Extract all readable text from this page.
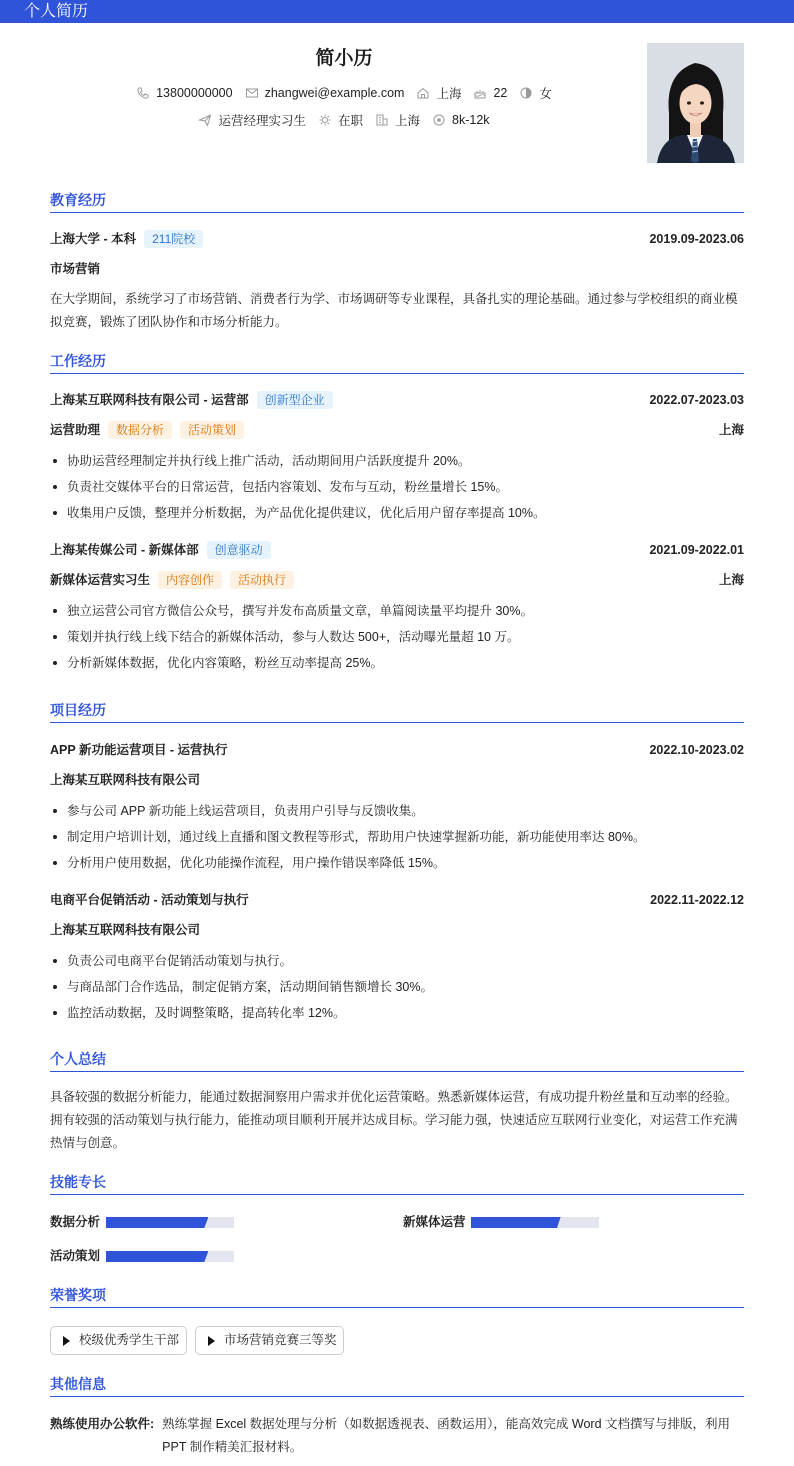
个人简历
简小历
13800000000	zhangwei@example.com	上海	22	女
运营经理实习生	在职	上海	8k-12k
教育经历
上海大学 - 本科	211院校	2019.09-2023.06
市场营销
在大学期间，系统学习了市场营销、消费者行为学、市场调研等专业课程，具备扎实的理论基础。通过参与学校组织的商业模拟竞赛，锻炼了团队协作和市场分析能力。
工作经历
上海某互联网科技有限公司 - 运营部	创新型企业	2022.07-2023.03
运营助理	数据分析	活动策划	上海
协助运营经理制定并执行线上推广活动，活动期间用户活跃度提升 20%。
负责社交媒体平台的日常运营，包括内容策划、发布与互动，粉丝量增长 15%。
收集用户反馈，整理并分析数据，为产品优化提供建议，优化后用户留存率提高 10%。
上海某传媒公司 - 新媒体部	创意驱动	2021.09-2022.01
新媒体运营实习生	内容创作	活动执行	上海
独立运营公司官方微信公众号，撰写并发布高质量文章，单篇阅读量平均提升 30%。
策划并执行线上线下结合的新媒体活动，参与人数达 500+，活动曝光量超 10 万。
分析新媒体数据，优化内容策略，粉丝互动率提高 25%。
项目经历
APP 新功能运营项目 - 运营执行	2022.10-2023.02
上海某互联网科技有限公司
参与公司 APP 新功能上线运营项目，负责用户引导与反馈收集。
制定用户培训计划，通过线上直播和图文教程等形式，帮助用户快速掌握新功能，新功能使用率达 80%。
分析用户使用数据，优化功能操作流程，用户操作错误率降低 15%。
电商平台促销活动 - 活动策划与执行	2022.11-2022.12
上海某互联网科技有限公司
负责公司电商平台促销活动策划与执行。
与商品部门合作选品，制定促销方案，活动期间销售额增长 30%。
监控活动数据，及时调整策略，提高转化率 12%。
个人总结
具备较强的数据分析能力，能通过数据洞察用户需求并优化运营策略。熟悉新媒体运营，有成功提升粉丝量和互动率的经验。拥有较强的活动策划与执行能力，能推动项目顺利开展并达成目标。学习能力强，快速适应互联网行业变化，对运营工作充满热情与创意。
技能专长
数据分析	新媒体运营
活动策划
荣誉奖项
校级优秀学生干部	市场营销竞赛三等奖
其他信息
熟练使用办公软件: 熟练掌握 Excel 数据处理与分析（如数据透视表、函数运用），能高效完成 Word 文档撰写与排版，利用 PPT 制作精美汇报材料。
